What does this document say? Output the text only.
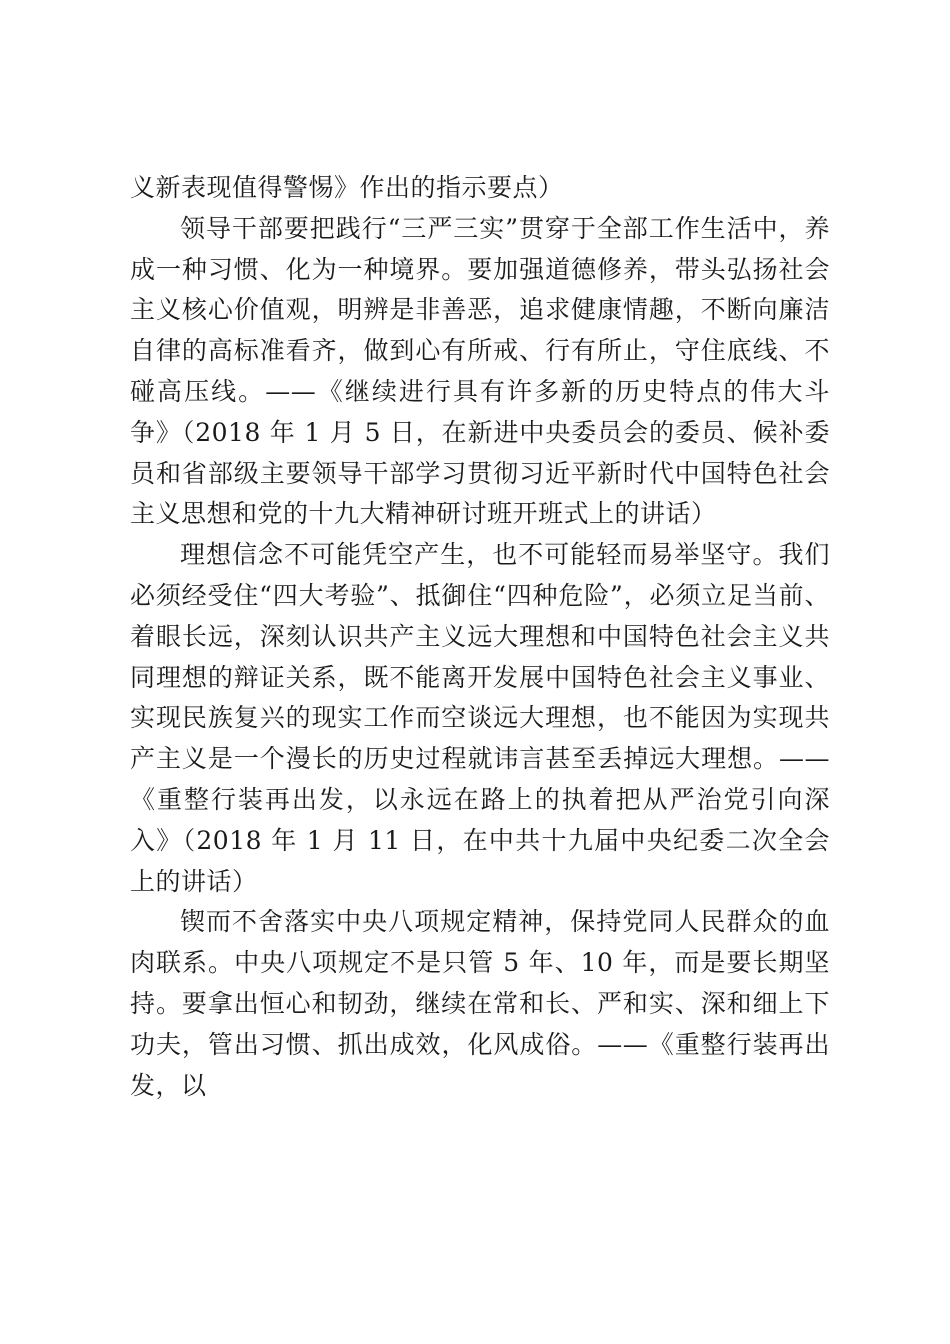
义新表现值得警惕》作出的指示要点）

领导干部要把践行“三严三实”贯穿于全部工作生活中，养成一种习惯、化为一种境界。要加强道德修养，带头弘扬社会主义核心价值观，明辨是非善恶，追求健康情趣，不断向廉洁自律的高标准看齐，做到心有所戒、行有所止，守住底线、不碰高压线。——《继续进行具有许多新的历史特点的伟大斗争》（2018 年 1 月 5 日，在新进中央委员会的委员、候补委员和省部级主要领导干部学习贯彻习近平新时代中国特色社会主义思想和党的十九大精神研讨班开班式上的讲话）

理想信念不可能凭空产生，也不可能轻而易举坚守。我们必须经受住“四大考验”、抵御住“四种危险”，必须立足当前、着眼长远，深刻认识共产主义远大理想和中国特色社会主义共同理想的辩证关系，既不能离开发展中国特色社会主义事业、实现民族复兴的现实工作而空谈远大理想，也不能因为实现共产主义是一个漫长的历史过程就讳言甚至丢掉远大理想。——《重整行装再出发，以永远在路上的执着把从严治党引向深入》（2018 年 1 月 11 日，在中共十九届中央纪委二次全会上的讲话）

锲而不舍落实中央八项规定精神，保持党同人民群众的血肉联系。中央八项规定不是只管 5 年、10 年，而是要长期坚持。要拿出恒心和韧劲，继续在常和长、严和实、深和细上下功夫，管出习惯、抓出成效，化风成俗。——《重整行装再出发，以
